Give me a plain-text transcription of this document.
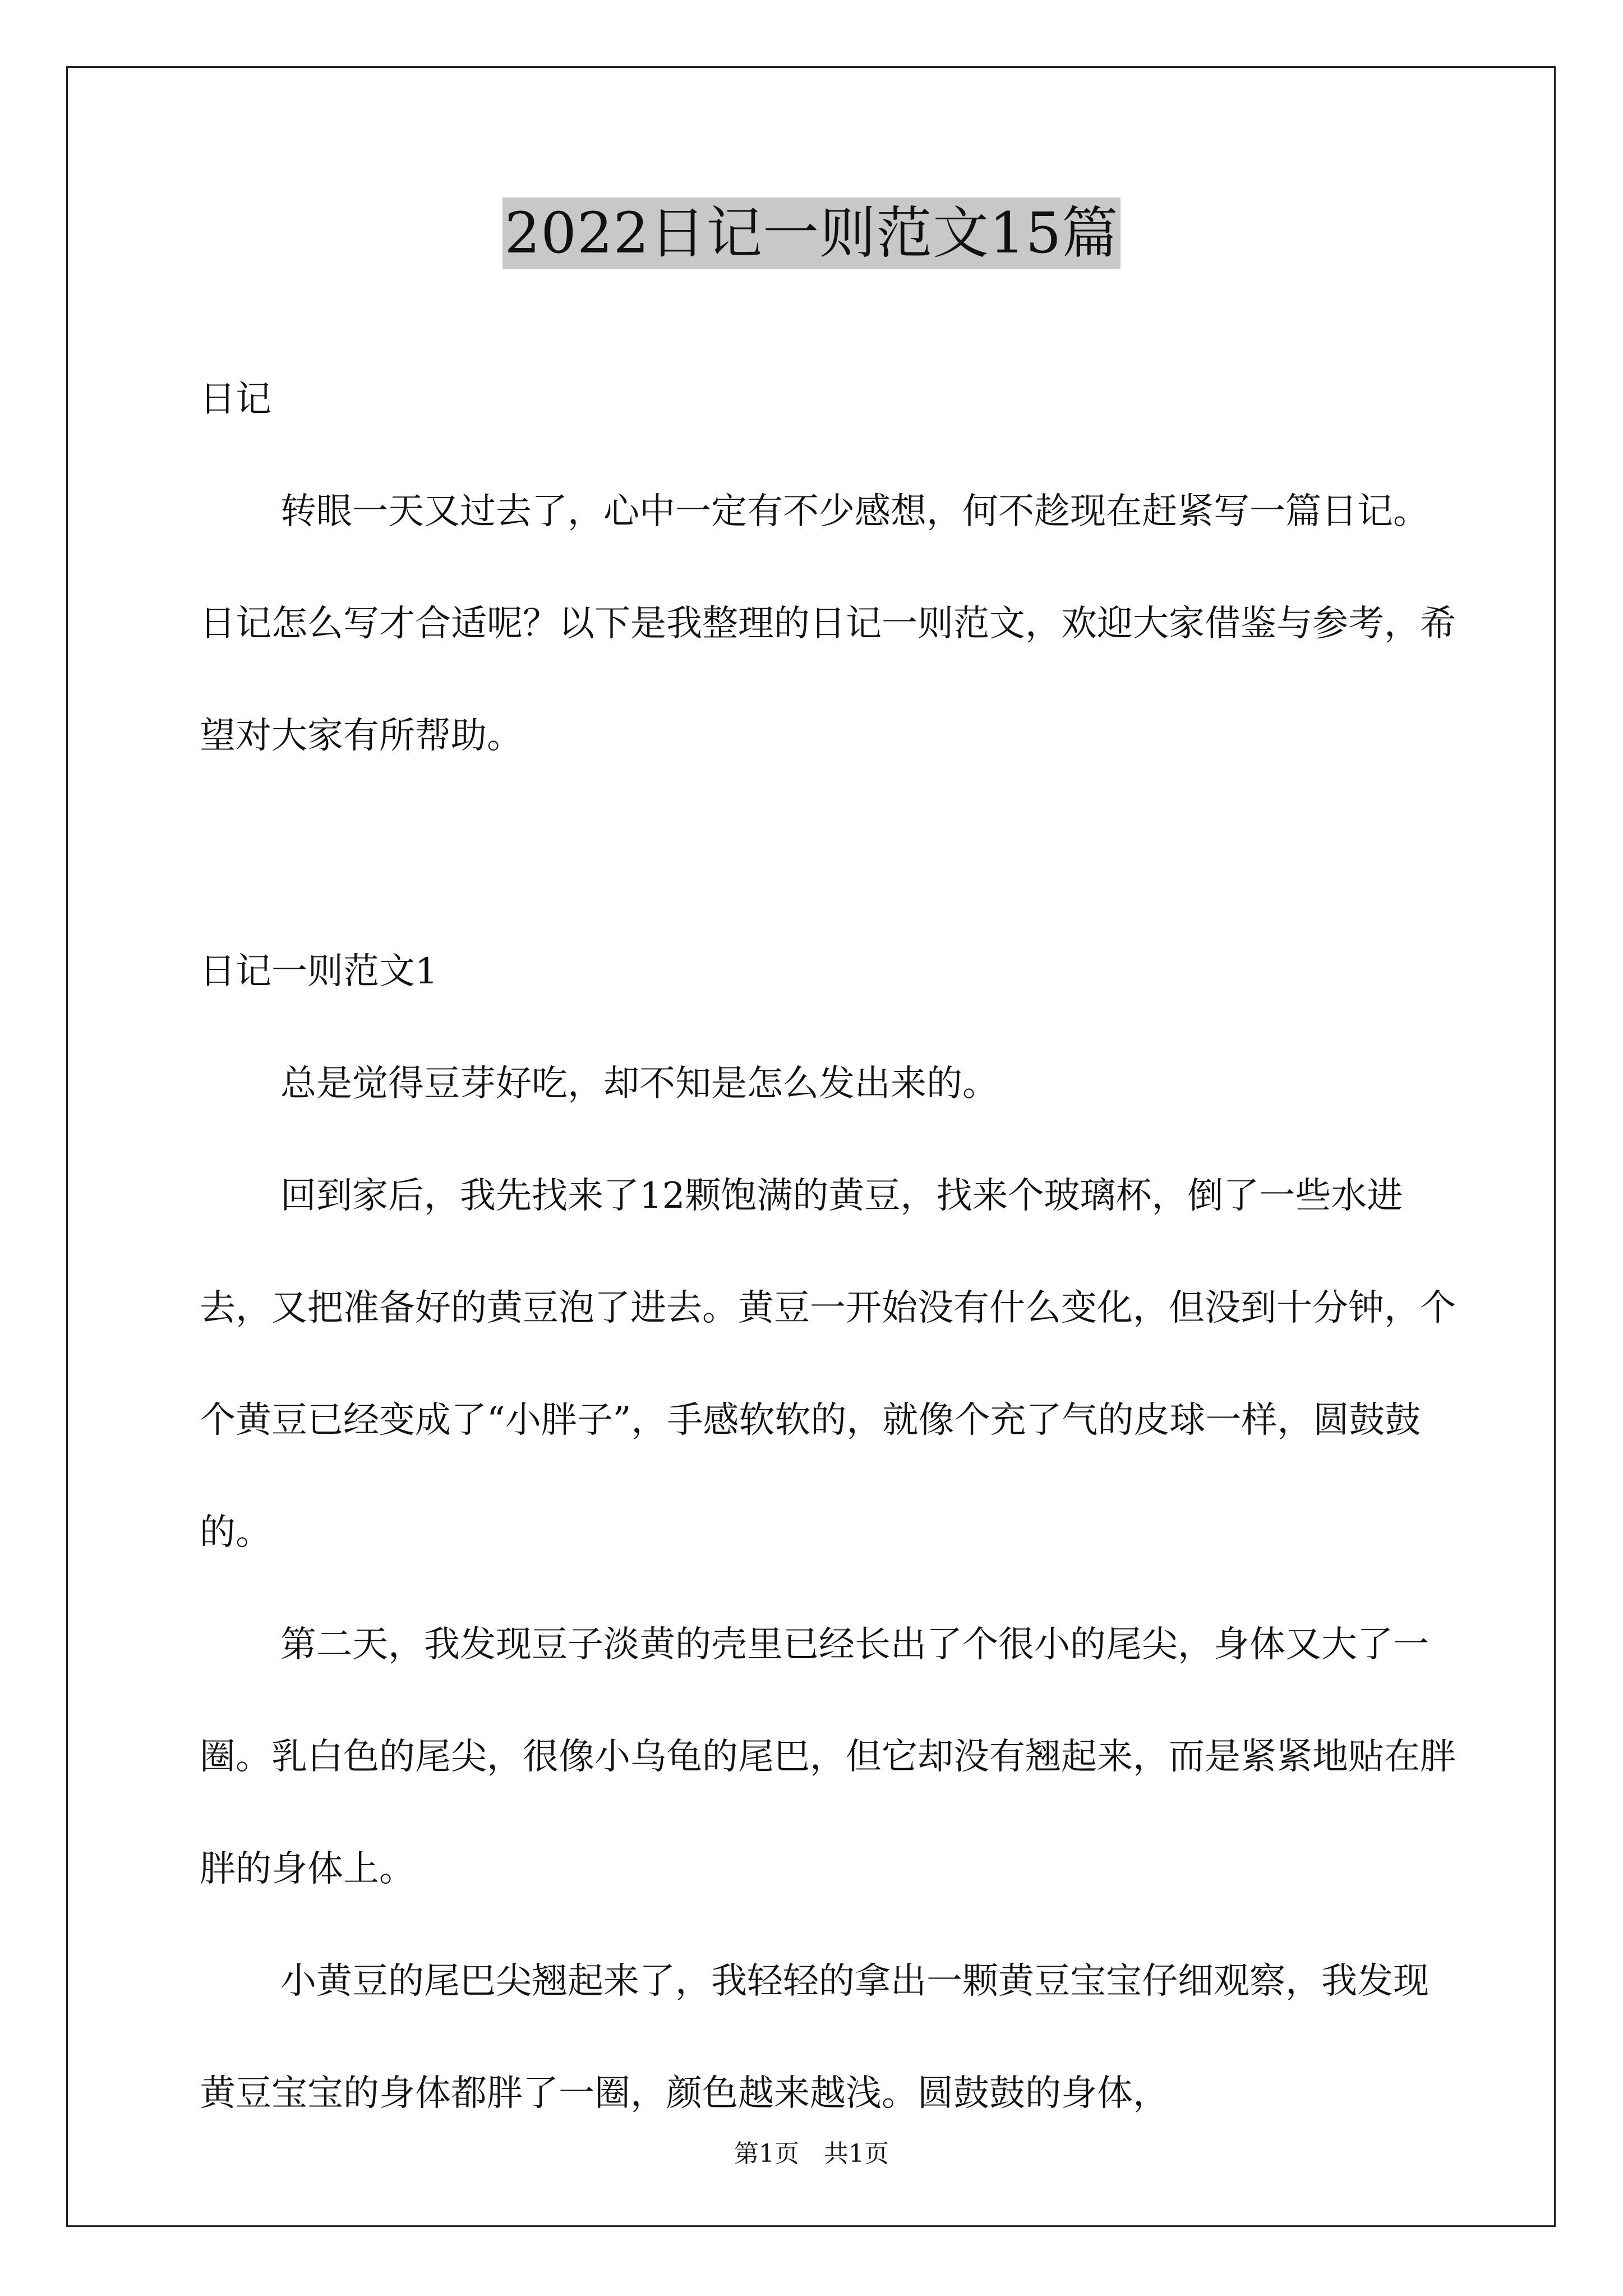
2022日记一则范文15篇
日记
转眼一天又过去了，心中一定有不少感想，何不趁现在赶紧写一篇日记。日记怎么写才合适呢？以下是我整理的日记一则范文，欢迎大家借鉴与参考，希望对大家有所帮助。
日记一则范文1
总是觉得豆芽好吃，却不知是怎么发出来的。
回到家后，我先找来了12颗饱满的黄豆，找来个玻璃杯，倒了一些水进去，又把准备好的黄豆泡了进去。黄豆一开始没有什么变化，但没到十分钟，个个黄豆已经变成了“小胖子”，手感软软的，就像个充了气的皮球一样，圆鼓鼓的。
第二天，我发现豆子淡黄的壳里已经长出了个很小的尾尖，身体又大了一圈。乳白色的尾尖，很像小乌龟的尾巴，但它却没有翘起来，而是紧紧地贴在胖胖的身体上。
小黄豆的尾巴尖翘起来了，我轻轻的拿出一颗黄豆宝宝仔细观察，我发现黄豆宝宝的身体都胖了一圈，颜色越来越浅。圆鼓鼓的身体，
第1页　共1页
